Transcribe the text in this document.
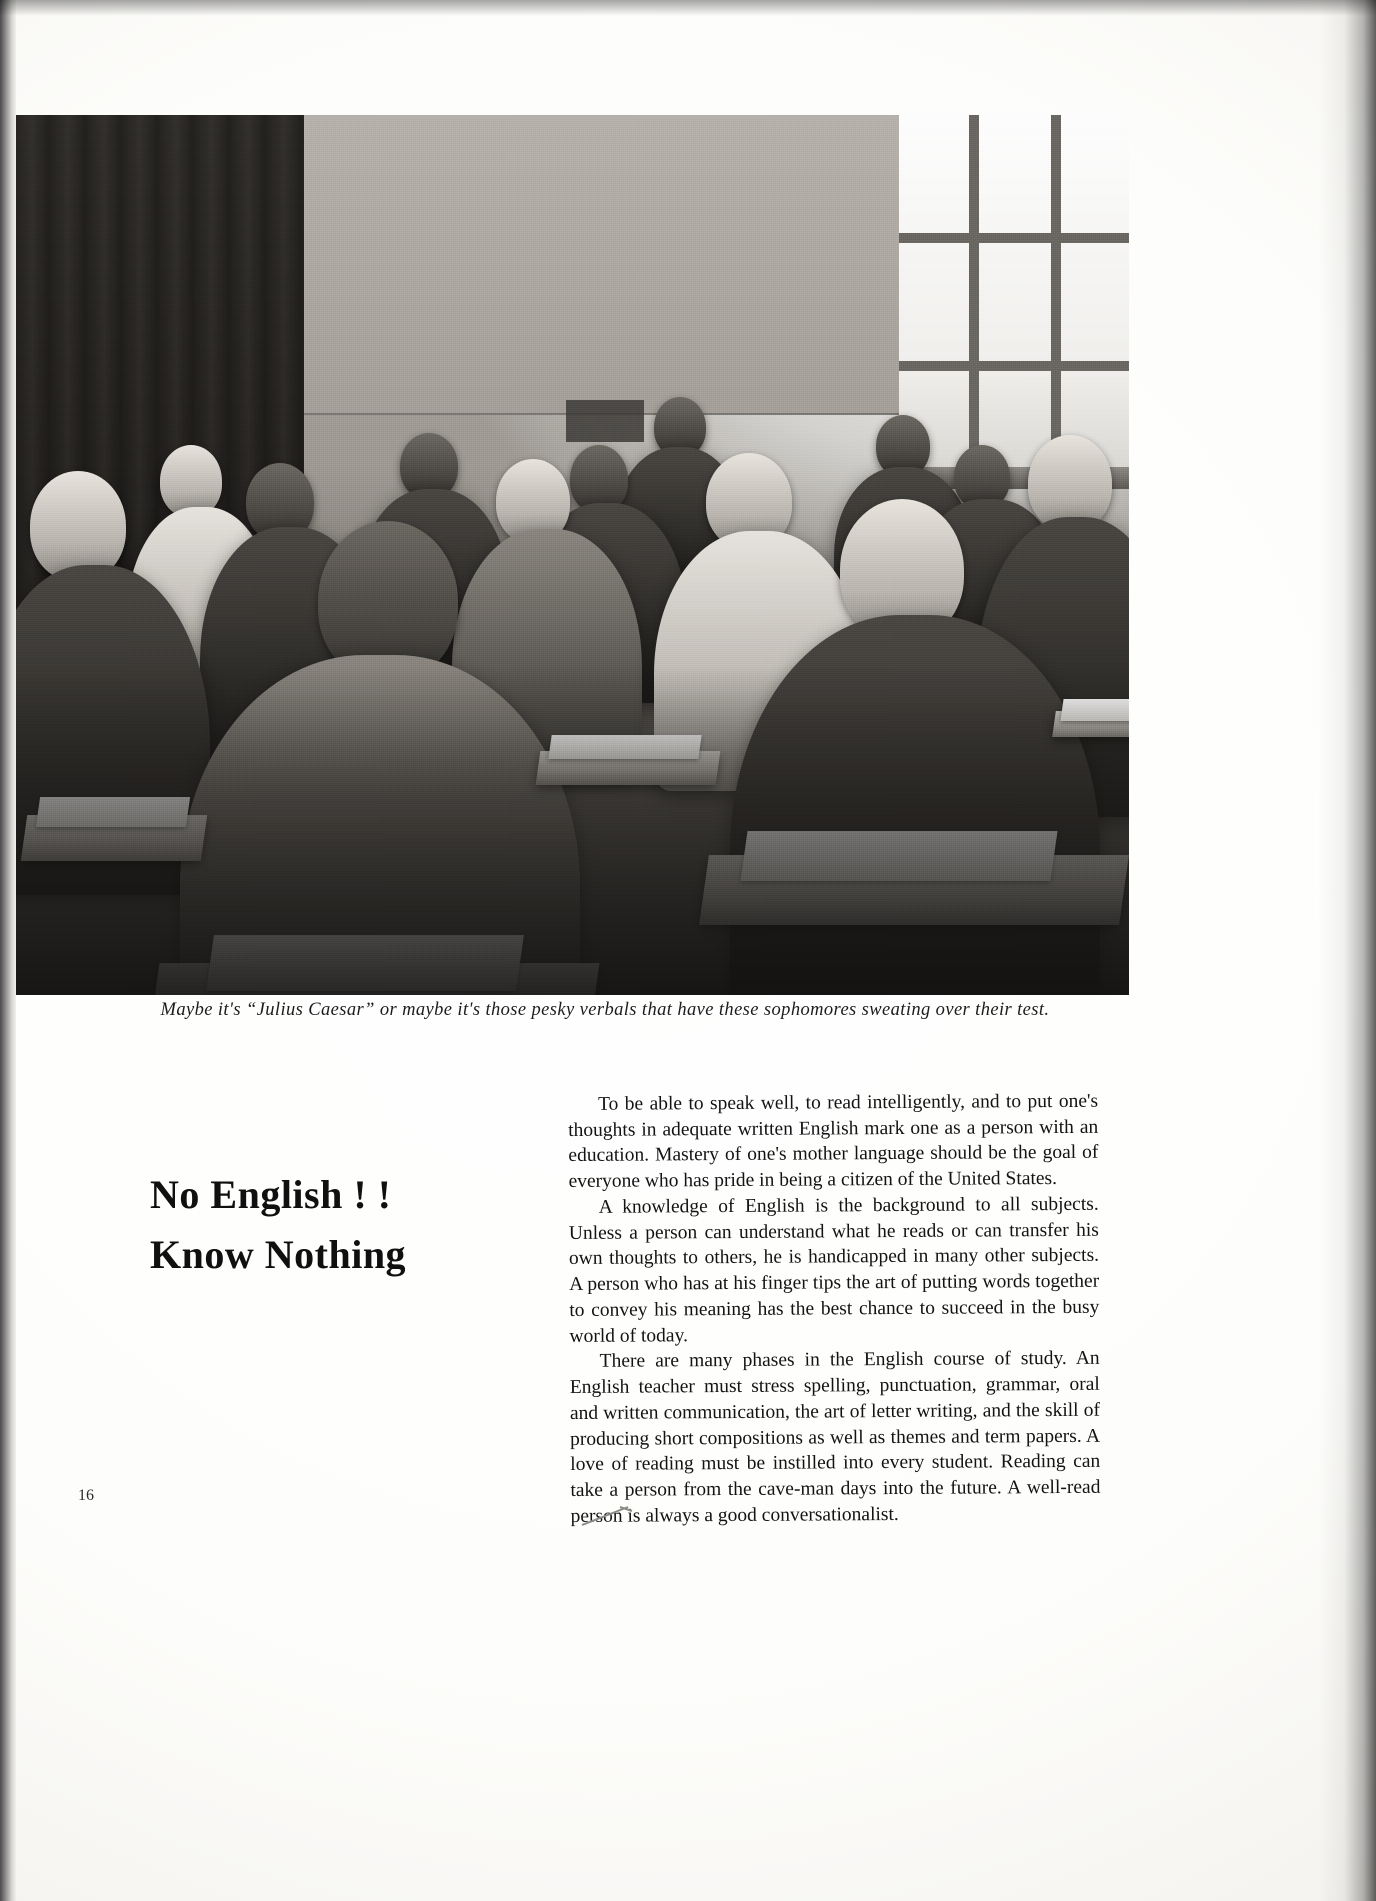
Maybe it's “Julius Caesar” or maybe it's those pesky verbals that have these sophomores sweating over their test.
No English ! !
Know Nothing

To be able to speak well, to read intelligently, and to put one's thoughts in adequate written English mark one as a person with an education. Mastery of one's mother language should be the goal of everyone who has pride in being a citizen of the United States.

A knowledge of English is the background to all subjects. Unless a person can understand what he reads or can transfer his own thoughts to others, he is handicapped in many other subjects. A person who has at his finger tips the art of putting words together to convey his meaning has the best chance to succeed in the busy world of today.

There are many phases in the English course of study. An English teacher must stress spelling, punctuation, grammar, oral and written communication, the art of letter writing, and the skill of producing short compositions as well as themes and term papers. A love of reading must be instilled into every student. Reading can take a person from the cave-man days into the future. A well-read person is always a good conversationalist.

16
